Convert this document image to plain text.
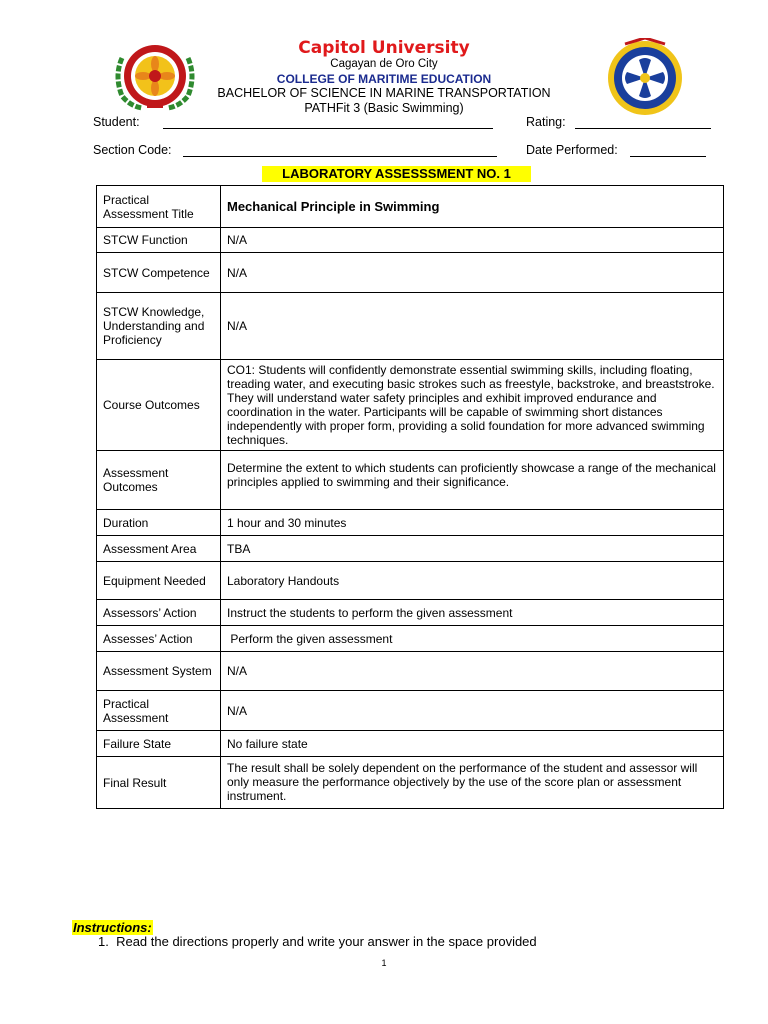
Capitol University
Cagayan de Oro City
COLLEGE OF MARITIME EDUCATION
BACHELOR OF SCIENCE IN MARINE TRANSPORTATION
PATHFit 3 (Basic Swimming)
Student:	Rating:
Section Code:	Date Performed:
LABORATORY ASSESSSMENT NO. 1
Practical Assessment Title	Mechanical Principle in Swimming
STCW Function	N/A
STCW Competence	N/A
STCW Knowledge, Understanding and Proficiency	N/A
Course Outcomes	CO1: Students will confidently demonstrate essential swimming skills, including floating, treading water, and executing basic strokes such as freestyle, backstroke, and breaststroke. They will understand water safety principles and exhibit improved endurance and coordination in the water. Participants will be capable of swimming short distances independently with proper form, providing a solid foundation for more advanced swimming techniques.
Assessment Outcomes	Determine the extent to which students can proficiently showcase a range of the mechanical principles applied to swimming and their significance.
Duration	1 hour and 30 minutes
Assessment Area	TBA
Equipment Needed	Laboratory Handouts
Assessors’ Action	Instruct the students to perform the given assessment
Assesses’ Action	Perform the given assessment
Assessment System	N/A
Practical Assessment	N/A
Failure State	No failure state
Final Result	The result shall be solely dependent on the performance of the student and assessor will only measure the performance objectively by the use of the score plan or assessment instrument.
Instructions:
1. Read the directions properly and write your answer in the space provided
1
